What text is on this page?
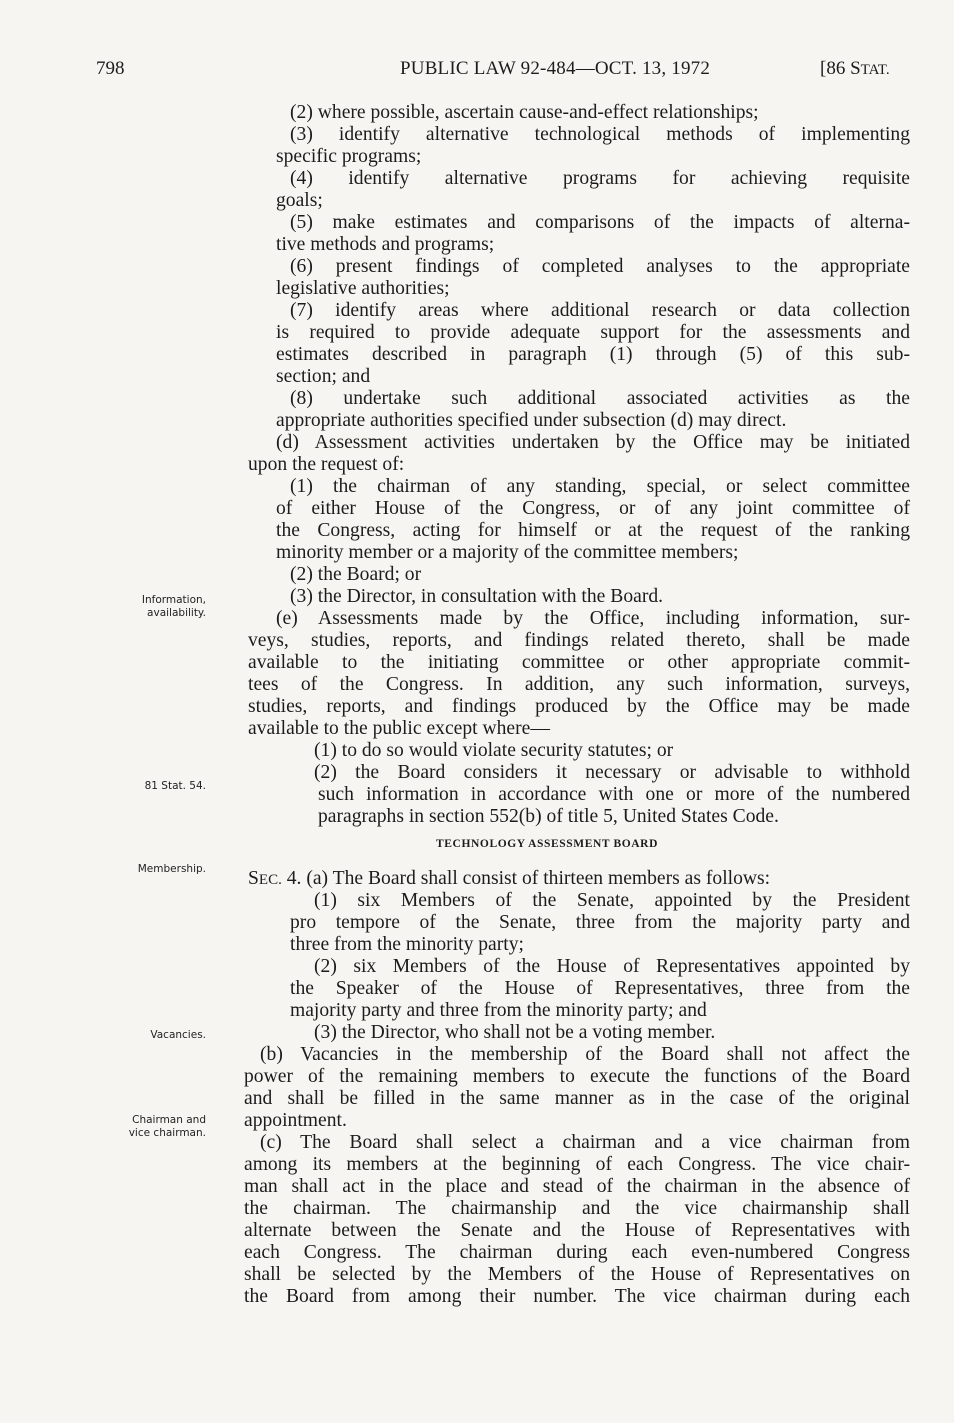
798	PUBLIC LAW 92-484—OCT. 13, 1972	[86 STAT.
Information,
availability.
81 Stat. 54.
Membership.
Vacancies.
Chairman and
vice chairman.
(2) where possible, ascertain cause-and-effect relationships;
(3) identify alternative technological methods of implementing
specific programs;
(4) identify alternative programs for achieving requisite
goals;
(5) make estimates and comparisons of the impacts of alterna-
tive methods and programs;
(6) present findings of completed analyses to the appropriate
legislative authorities;
(7) identify areas where additional research or data collection
is required to provide adequate support for the assessments and
estimates described in paragraph (1) through (5) of this sub-
section; and
(8) undertake such additional associated activities as the
appropriate authorities specified under subsection (d) may direct.
(d) Assessment activities undertaken by the Office may be initiated
upon the request of:
(1) the chairman of any standing, special, or select committee
of either House of the Congress, or of any joint committee of
the Congress, acting for himself or at the request of the ranking
minority member or a majority of the committee members;
(2) the Board; or
(3) the Director, in consultation with the Board.
(e) Assessments made by the Office, including information, sur-
veys, studies, reports, and findings related thereto, shall be made
available to the initiating committee or other appropriate commit-
tees of the Congress. In addition, any such information, surveys,
studies, reports, and findings produced by the Office may be made
available to the public except where—
(1) to do so would violate security statutes; or
(2) the Board considers it necessary or advisable to withhold
such information in accordance with one or more of the numbered
paragraphs in section 552(b) of title 5, United States Code.
TECHNOLOGY ASSESSMENT BOARD
SEC. 4. (a) The Board shall consist of thirteen members as follows:
(1) six Members of the Senate, appointed by the President
pro tempore of the Senate, three from the majority party and
three from the minority party;
(2) six Members of the House of Representatives appointed by
the Speaker of the House of Representatives, three from the
majority party and three from the minority party; and
(3) the Director, who shall not be a voting member.
(b) Vacancies in the membership of the Board shall not affect the
power of the remaining members to execute the functions of the Board
and shall be filled in the same manner as in the case of the original
appointment.
(c) The Board shall select a chairman and a vice chairman from
among its members at the beginning of each Congress. The vice chair-
man shall act in the place and stead of the chairman in the absence of
the chairman. The chairmanship and the vice chairmanship shall
alternate between the Senate and the House of Representatives with
each Congress. The chairman during each even-numbered Congress
shall be selected by the Members of the House of Representatives on
the Board from among their number. The vice chairman during each
